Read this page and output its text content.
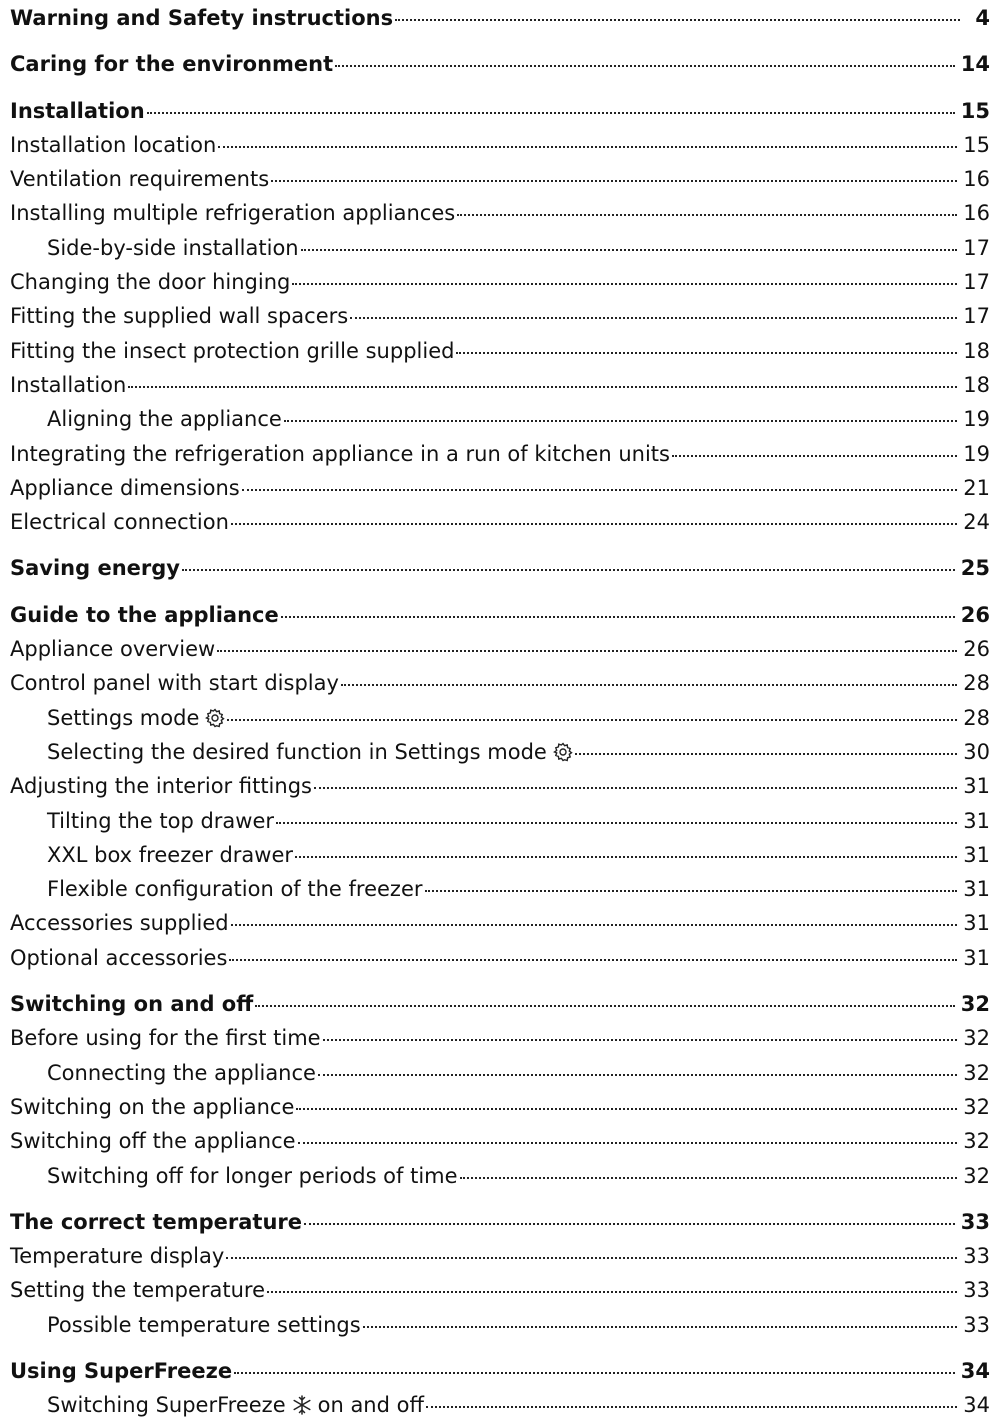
Warning and Safety instructions	4
Caring for the environment	14
Installation	15
Installation location	15
Ventilation requirements	16
Installing multiple refrigeration appliances	16
Side-by-side installation	17
Changing the door hinging	17
Fitting the supplied wall spacers	17
Fitting the insect protection grille supplied	18
Installation	18
Aligning the appliance	19
Integrating the refrigeration appliance in a run of kitchen units	19
Appliance dimensions	21
Electrical connection	24
Saving energy	25
Guide to the appliance	26
Appliance overview	26
Control panel with start display	28
Settings mode	28
Selecting the desired function in Settings mode	30
Adjusting the interior fittings	31
Tilting the top drawer	31
XXL box freezer drawer	31
Flexible configuration of the freezer	31
Accessories supplied	31
Optional accessories	31
Switching on and off	32
Before using for the first time	32
Connecting the appliance	32
Switching on the appliance	32
Switching off the appliance	32
Switching off for longer periods of time	32
The correct temperature	33
Temperature display	33
Setting the temperature	33
Possible temperature settings	33
Using SuperFreeze	34
Switching SuperFreeze on and off	34
